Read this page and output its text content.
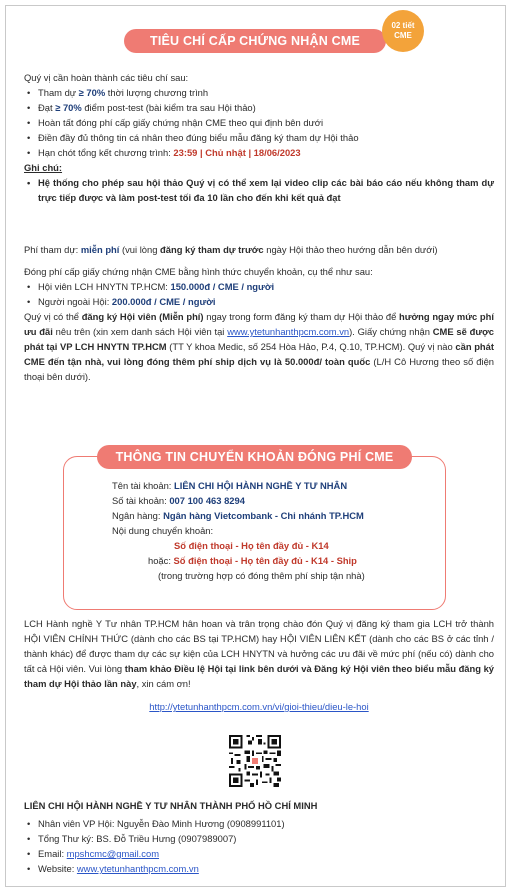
TIÊU CHÍ CẤP CHỨNG NHẬN CME
02 tiết
CME

Quý vị cần hoàn thành các tiêu chí sau:

• Tham dự ≥ 70% thời lượng chương trình
• Đạt ≥ 70% điểm post-test (bài kiểm tra sau Hội thảo)
• Hoàn tất đóng phí cấp giấy chứng nhận CME theo qui định bên dưới
• Điền đầy đủ thông tin cá nhân theo đúng biểu mẫu đăng ký tham dự Hội thảo
• Hạn chót tổng kết chương trình: 23:59 | Chủ nhật | 18/06/2023

Ghi chú:

• Hệ thống cho phép sau hội thảo Quý vị có thể xem lại video clip các bài báo cáo nếu không tham dự trực tiếp được và làm post-test tối đa 10 lần cho đến khi kết quả đạt

Phí tham dự: miễn phí (vui lòng đăng ký tham dự trước ngày Hội thảo theo hướng dẫn bên dưới)

Đóng phí cấp giấy chứng nhận CME bằng hình thức chuyển khoản, cụ thể như sau:

• Hội viên LCH HNYTN TP.HCM: 150.000đ / CME / người
• Người ngoài Hội: 200.000đ / CME / người

Quý vị có thể đăng ký Hội viên (Miễn phí) ngay trong form đăng ký tham dự Hội thảo để hưởng ngay mức phí ưu đãi nêu trên (xin xem danh sách Hội viên tại www.ytetunhanthpcm.com.vn). Giấy chứng nhận CME sẽ được phát tại VP LCH HNYTN TP.HCM (TT Y khoa Medic, số 254 Hòa Hảo, P.4, Q.10, TP.HCM). Quý vị nào cần phát CME đến tận nhà, vui lòng đóng thêm phí ship dịch vụ là 50.000đ/ toàn quốc (L/H Cô Hương theo số điện thoại bên dưới).

THÔNG TIN CHUYỂN KHOẢN ĐÓNG PHÍ CME

Tên tài khoản: LIÊN CHI HỘI HÀNH NGHỀ Y TƯ NHÂN

Số tài khoản: 007 100 463 8294

Ngân hàng: Ngân hàng Vietcombank - Chi nhánh TP.HCM

Nội dung chuyển khoản:

Số điện thoại - Họ tên đầy đủ - K14

hoặc: Số điện thoại - Họ tên đầy đủ - K14 - Ship

(trong trường hợp có đóng thêm phí ship tận nhà)

LCH Hành nghề Y Tư nhân TP.HCM hân hoan và trân trọng chào đón Quý vị đăng ký tham gia LCH trở thành HỘI VIÊN CHÍNH THỨC (dành cho các BS tại TP.HCM) hay HỘI VIÊN LIÊN KẾT (dành cho các BS ở các tỉnh / thành khác) để được tham dự các sự kiện của LCH HNYTN và hưởng các ưu đãi về mức phí (nếu có) dành cho tất cả Hội viên. Vui lòng tham khảo Điều lệ Hội tại link bên dưới và Đăng ký Hội viên theo biểu mẫu đăng ký tham dự Hội thảo lần này, xin cám ơn!

http://ytetunhanthpcm.com.vn/vi/gioi-thieu/dieu-le-hoi

LIÊN CHI HỘI HÀNH NGHỀ Y TƯ NHÂN THÀNH PHỐ HỒ CHÍ MINH

• Nhân viên VP Hội: Nguyễn Đào Minh Hương (0908991101)
• Tổng Thư ký: BS. Đỗ Triều Hưng (0907989007)
• Email: mpshcmc@gmail.com
• Website: www.ytetunhanthpcm.com.vn
